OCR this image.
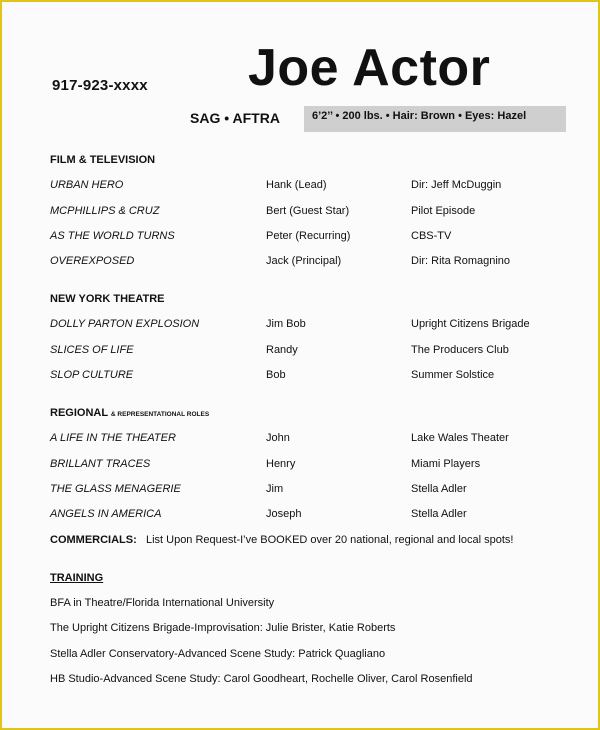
917-923-xxxx Joe Actor
SAG • AFTRA	6’2’’ • 200 lbs. • Hair: Brown • Eyes: Hazel
FILM & TELEVISION
URBAN HERO	Hank (Lead)	Dir: Jeff McDuggin
MCPHILLIPS & CRUZ	Bert (Guest Star)	Pilot Episode
AS THE WORLD TURNS	Peter (Recurring)	CBS-TV
OVEREXPOSED	Jack (Principal)	Dir: Rita Romagnino
NEW YORK THEATRE
DOLLY PARTON EXPLOSION	Jim Bob	Upright Citizens Brigade
SLICES OF LIFE	Randy	The Producers Club
SLOP CULTURE	Bob	Summer Solstice
REGIONAL & REPRESENTATIONAL ROLES
A LIFE IN THE THEATER	John	Lake Wales Theater
BRILLANT TRACES	Henry	Miami Players
THE GLASS MENAGERIE	Jim	Stella Adler
ANGELS IN AMERICA	Joseph	Stella Adler
COMMERCIALS: List Upon Request-I’ve BOOKED over 20 national, regional and local spots!
TRAINING
BFA in Theatre/Florida International University
The Upright Citizens Brigade-Improvisation: Julie Brister, Katie Roberts
Stella Adler Conservatory-Advanced Scene Study: Patrick Quagliano
HB Studio-Advanced Scene Study: Carol Goodheart, Rochelle Oliver, Carol Rosenfield
